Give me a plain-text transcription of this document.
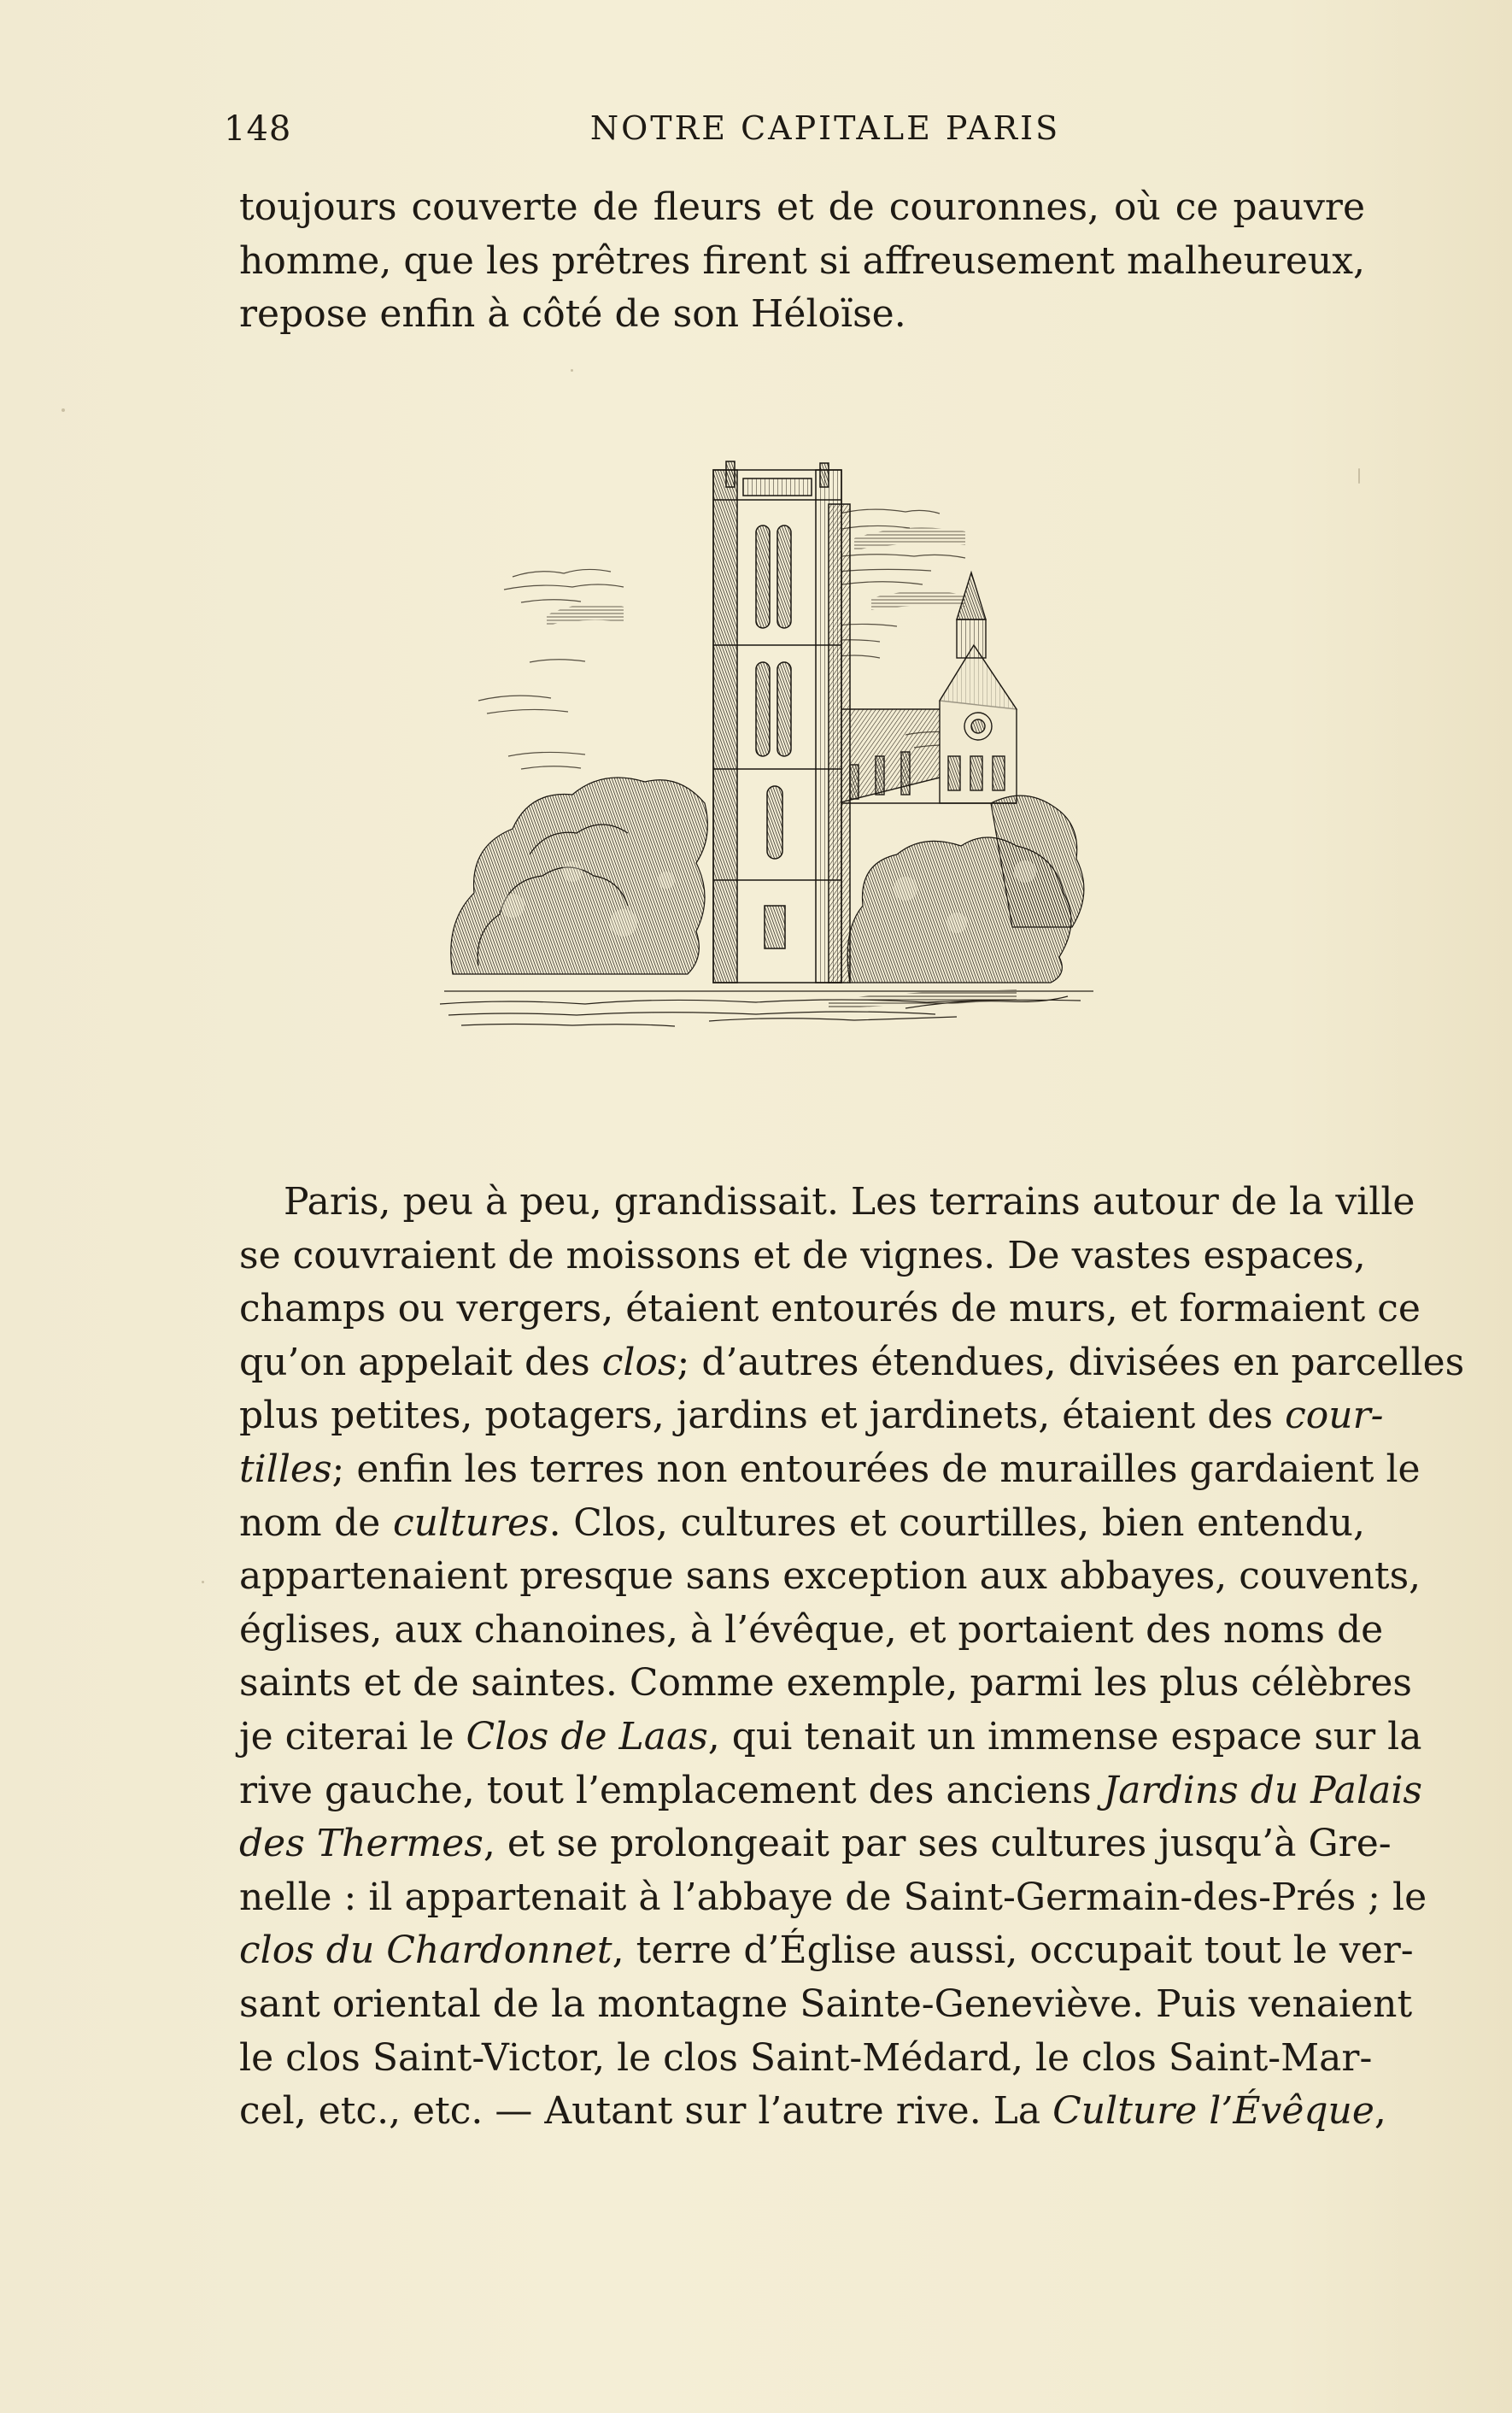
148	NOTRE CAPITALE PARIS
toujours couverte de fleurs et de couronnes, où ce pauvre
homme, que les prêtres firent si affreusement malheureux,
repose enfin à côté de son Héloïse.
Paris, peu à peu, grandissait. Les terrains autour de la ville
se couvraient de moissons et de vignes. De vastes espaces,
champs ou vergers, étaient entourés de murs, et formaient ce
qu’on appelait des clos; d’autres étendues, divisées en parcelles
plus petites, potagers, jardins et jardinets, étaient des cour-
tilles; enfin les terres non entourées de murailles gardaient le
nom de cultures. Clos, cultures et courtilles, bien entendu,
appartenaient presque sans exception aux abbayes, couvents,
églises, aux chanoines, à l’évêque, et portaient des noms de
saints et de saintes. Comme exemple, parmi les plus célèbres
je citerai le Clos de Laas, qui tenait un immense espace sur la
rive gauche, tout l’emplacement des anciens Jardins du Palais
des Thermes, et se prolongeait par ses cultures jusqu’à Gre-
nelle : il appartenait à l’abbaye de Saint-Germain-des-Prés ; le
clos du Chardonnet, terre d’Église aussi, occupait tout le ver-
sant oriental de la montagne Sainte-Geneviève. Puis venaient
le clos Saint-Victor, le clos Saint-Médard, le clos Saint-Mar-
cel, etc., etc. — Autant sur l’autre rive. La Culture l’Évêque,
